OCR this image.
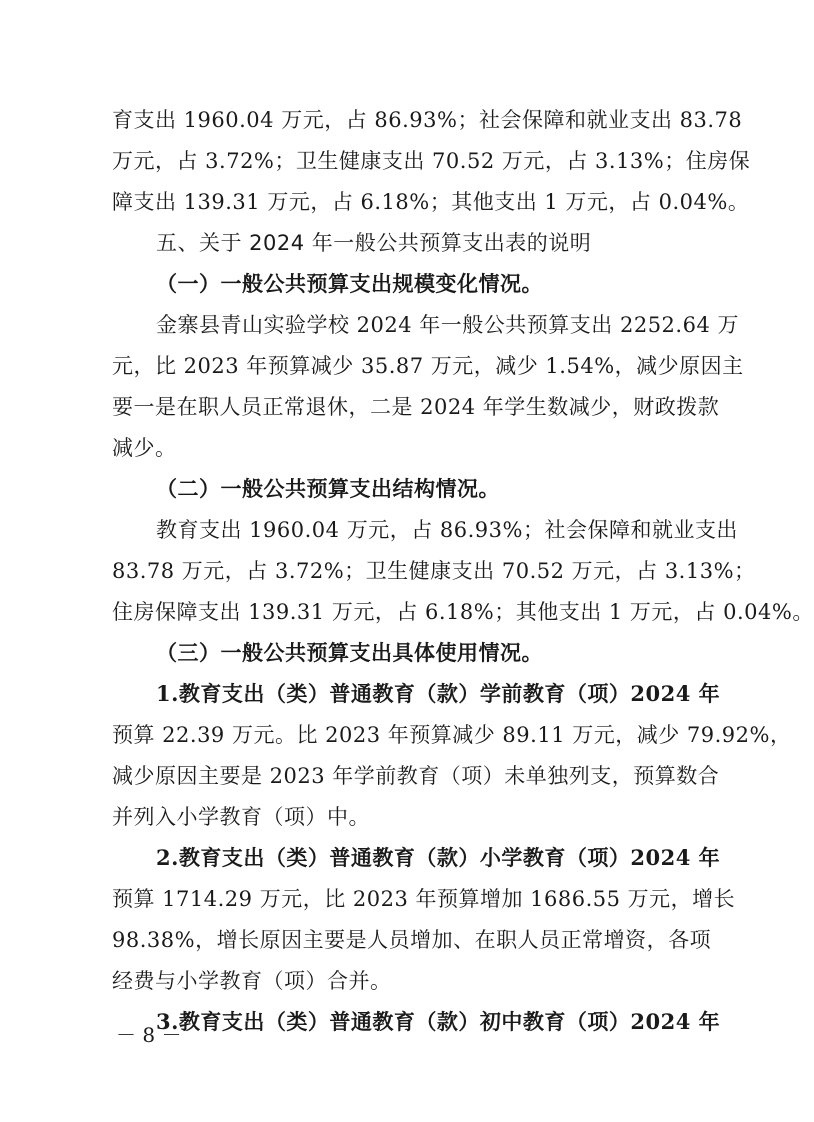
育支出 1960.04 万元，占 86.93%；社会保障和就业支出 83.78
万元，占 3.72%；卫生健康支出 70.52 万元，占 3.13%；住房保
障支出 139.31 万元，占 6.18%；其他支出 1 万元，占 0.04%。
五、关于 2024 年一般公共预算支出表的说明
（一）一般公共预算支出规模变化情况。
金寨县青山实验学校 2024 年一般公共预算支出 2252.64 万
元，比 2023 年预算减少 35.87 万元，减少 1.54%，减少原因主
要一是在职人员正常退休，二是 2024 年学生数减少，财政拨款
减少。
（二）一般公共预算支出结构情况。
教育支出 1960.04 万元，占 86.93%；社会保障和就业支出
83.78 万元，占 3.72%；卫生健康支出 70.52 万元，占 3.13%；
住房保障支出 139.31 万元，占 6.18%；其他支出 1 万元，占 0.04%。
（三）一般公共预算支出具体使用情况。
1.教育支出（类）普通教育（款）学前教育（项）2024 年
预算 22.39 万元。比 2023 年预算减少 89.11 万元，减少 79.92%，
减少原因主要是 2023 年学前教育（项）未单独列支，预算数合
并列入小学教育（项）中。
2.教育支出（类）普通教育（款）小学教育（项）2024 年
预算 1714.29 万元，比 2023 年预算增加 1686.55 万元，增长
98.38%，增长原因主要是人员增加、在职人员正常增资，各项
经费与小学教育（项）合并。
3.教育支出（类）普通教育（款）初中教育（项）2024 年
－ 8 －
